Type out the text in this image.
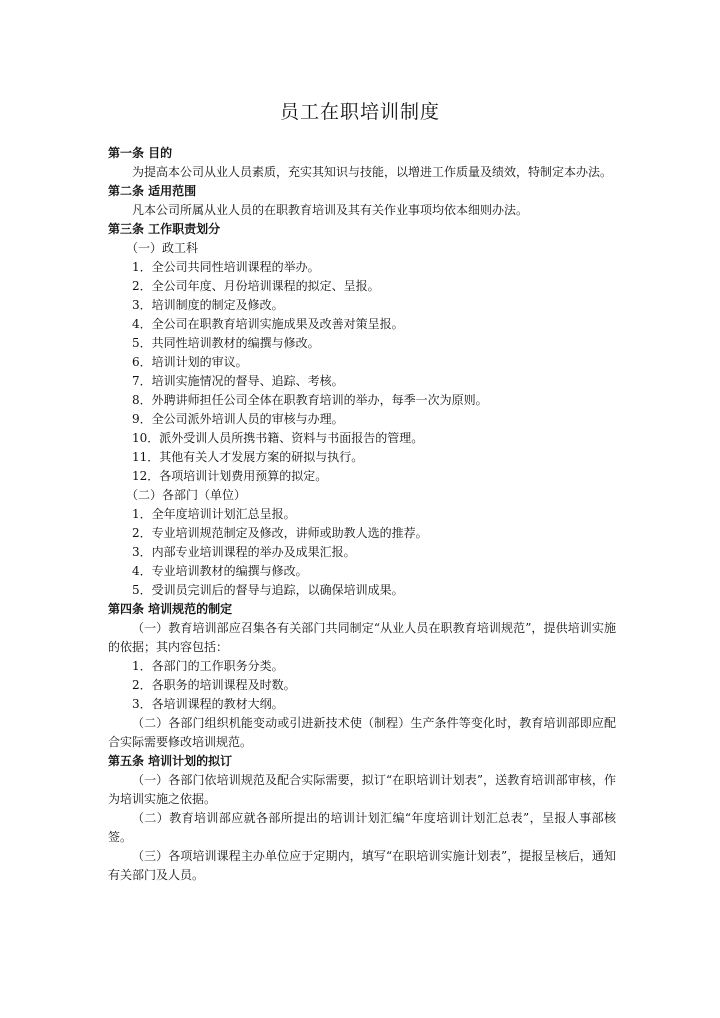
员工在职培训制度

第一条 目的

为提高本公司从业人员素质，充实其知识与技能，以增进工作质量及绩效，特制定本办法。

第二条 适用范围

凡本公司所属从业人员的在职教育培训及其有关作业事项均依本细则办法。

第三条 工作职责划分

（一）政工科

1．全公司共同性培训课程的举办。

2．全公司年度、月份培训课程的拟定、呈报。

3．培训制度的制定及修改。

4．全公司在职教育培训实施成果及改善对策呈报。

5．共同性培训教材的编撰与修改。

6．培训计划的审议。

7．培训实施情况的督导、追踪、考核。

8．外聘讲师担任公司全体在职教育培训的举办，每季一次为原则。

9．全公司派外培训人员的审核与办理。

10．派外受训人员所携书籍、资料与书面报告的管理。

11．其他有关人才发展方案的研拟与执行。

12．各项培训计划费用预算的拟定。

（二）各部门（单位）

1．全年度培训计划汇总呈报。

2．专业培训规范制定及修改，讲师或助教人选的推荐。

3．内部专业培训课程的举办及成果汇报。

4．专业培训教材的编撰与修改。

5．受训员完训后的督导与追踪，以确保培训成果。

第四条 培训规范的制定

（一）教育培训部应召集各有关部门共同制定“从业人员在职教育培训规范”，提供培训实施的依据；其内容包括：

1．各部门的工作职务分类。

2．各职务的培训课程及时数。

3．各培训课程的教材大纲。

（二）各部门组织机能变动或引进新技术使（制程）生产条件等变化时，教育培训部即应配合实际需要修改培训规范。

第五条 培训计划的拟订

（一）各部门依培训规范及配合实际需要，拟订“在职培训计划表”，送教育培训部审核，作为培训实施之依据。

（二）教育培训部应就各部所提出的培训计划汇编“年度培训计划汇总表”，呈报人事部核签。

（三）各项培训课程主办单位应于定期内，填写“在职培训实施计划表”，提报呈核后，通知有关部门及人员。
